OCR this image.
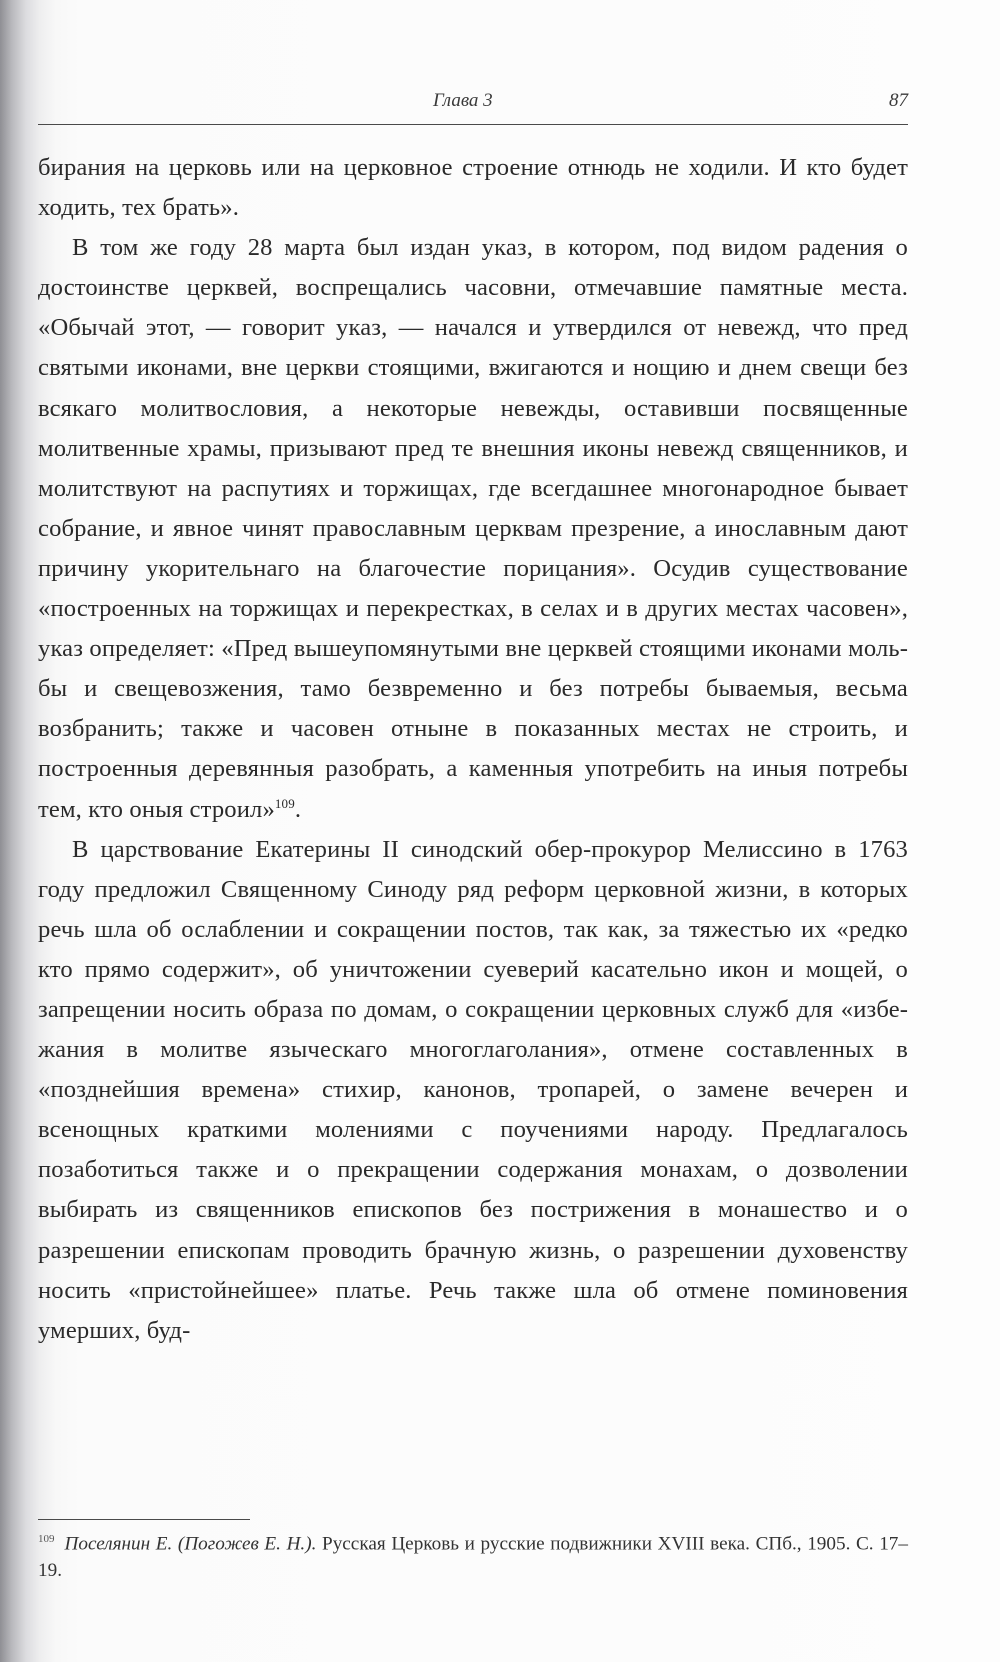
Глава 3	87

бирания на церковь или на церковное строение отнюдь не ходили. И кто будет ходить, тех брать».

В том же году 28 марта был издан указ, в котором, под видом радения о достоинстве церквей, воспрещались часовни, отмечавшие памятные места. «Обычай этот, — говорит указ, — начался и утвердился от невежд, что пред святыми иконами, вне церкви стоящими, вжигаются и нощию и днем свещи без всякаго молитвословия, а некоторые невежды, оставивши посвященные молитвенные храмы, призывают пред те внешния иконы невежд священников, и молитствуют на распутиях и торжищах, где всегдашнее многонародное бывает собрание, и явное чинят православным церквам презрение, а инославным дают причину укорительнаго на благочестие порицания». Осудив существование «построенных на торжищах и перекрестках, в селах и в других местах часовен», указ определяет: «Пред вышеупомянутыми вне церквей стоящими иконами мольбы и свещевозжения, тамо безвременно и без потребы бываемыя, весьма возбранить; также и часовен отныне в показанных местах не строить, и построенныя деревянныя разобрать, а каменныя употребить на иныя потребы тем, кто оныя строил»$^{109}$.

В царствование Екатерины II синодский обер-прокурор Мелиссино в 1763 году предложил Священному Синоду ряд реформ церковной жизни, в которых речь шла об ослаблении и сокращении постов, так как, за тяжестью их «редко кто прямо содержит», об уничтожении суеверий касательно икон и мощей, о запрещении носить образа по домам, о сокращении церковных служб для «избежания в молитве языческаго многоглаголания», отмене составленных в «позднейшия времена» стихир, канонов, тропарей, о замене вечерен и всенощных краткими молениями с поучениями народу. Предлагалось позаботиться также и о прекращении содержания монахам, о дозволении выбирать из священников епископов без пострижения в монашество и о разрешении епископам проводить брачную жизнь, о разрешении духовенству носить «пристойнейшее» платье. Речь также шла об отмене поминовения умерших, буд-

$^{109}$ Поселянин Е. (Погожев Е. Н.). Русская Церковь и русские подвижники XVIII века. СПб., 1905. С. 17–19.
